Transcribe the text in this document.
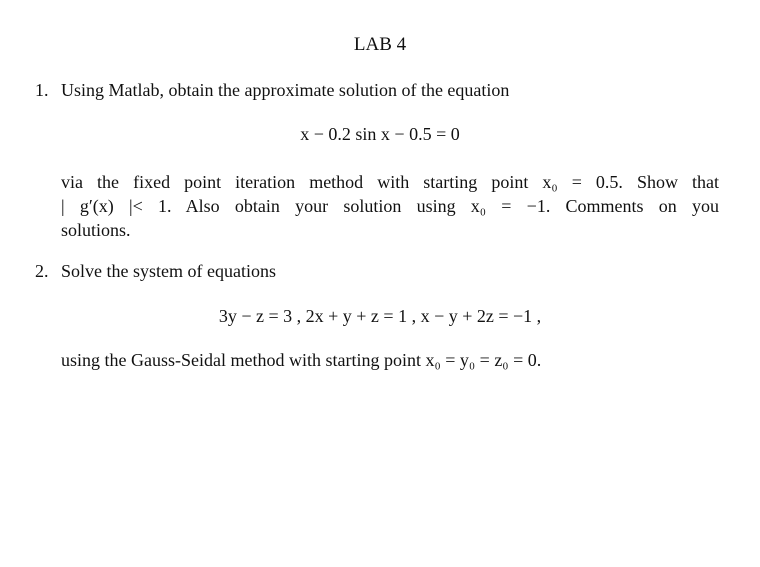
LAB 4
1. Using Matlab, obtain the approximate solution of the equation
x − 0.2 sin x − 0.5 = 0
via the fixed point iteration method with starting point x₀ = 0.5. Show that
| g′(x) |< 1. Also obtain your solution using x₀ = −1. Comments on you
solutions.
2. Solve the system of equations
3y − z = 3 , 2x + y + z = 1 , x − y + 2z = −1 ,
using the Gauss-Seidal method with starting point x₀ = y₀ = z₀ = 0.
